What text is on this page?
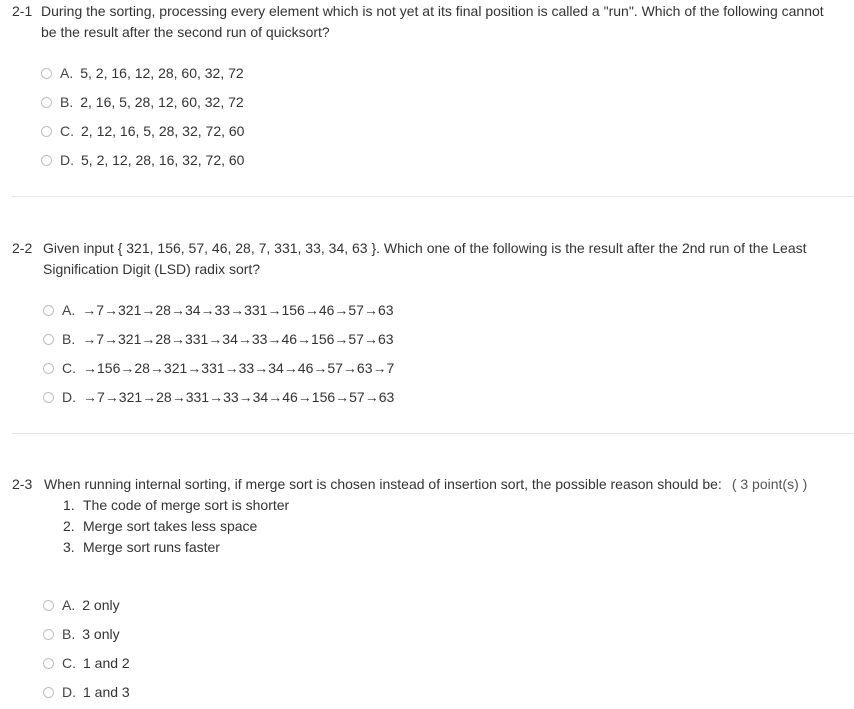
2-1 During the sorting, processing every element which is not yet at its final position is called a "run". Which of the following cannot be the result after the second run of quicksort?
A. 5, 2, 16, 12, 28, 60, 32, 72
B. 2, 16, 5, 28, 12, 60, 32, 72
C. 2, 12, 16, 5, 28, 32, 72, 60
D. 5, 2, 12, 28, 16, 32, 72, 60
2-2 Given input { 321, 156, 57, 46, 28, 7, 331, 33, 34, 63 }. Which one of the following is the result after the 2nd run of the Least Signification Digit (LSD) radix sort?
A. →7→321→28→34→33→331→156→46→57→63
B. →7→321→28→331→34→33→46→156→57→63
C. →156→28→321→331→33→34→46→57→63→7
D. →7→321→28→331→33→34→46→156→57→63
2-3 When running internal sorting, if merge sort is chosen instead of insertion sort, the possible reason should be: ( 3 point(s) )
1. The code of merge sort is shorter
2. Merge sort takes less space
3. Merge sort runs faster
A. 2 only
B. 3 only
C. 1 and 2
D. 1 and 3
